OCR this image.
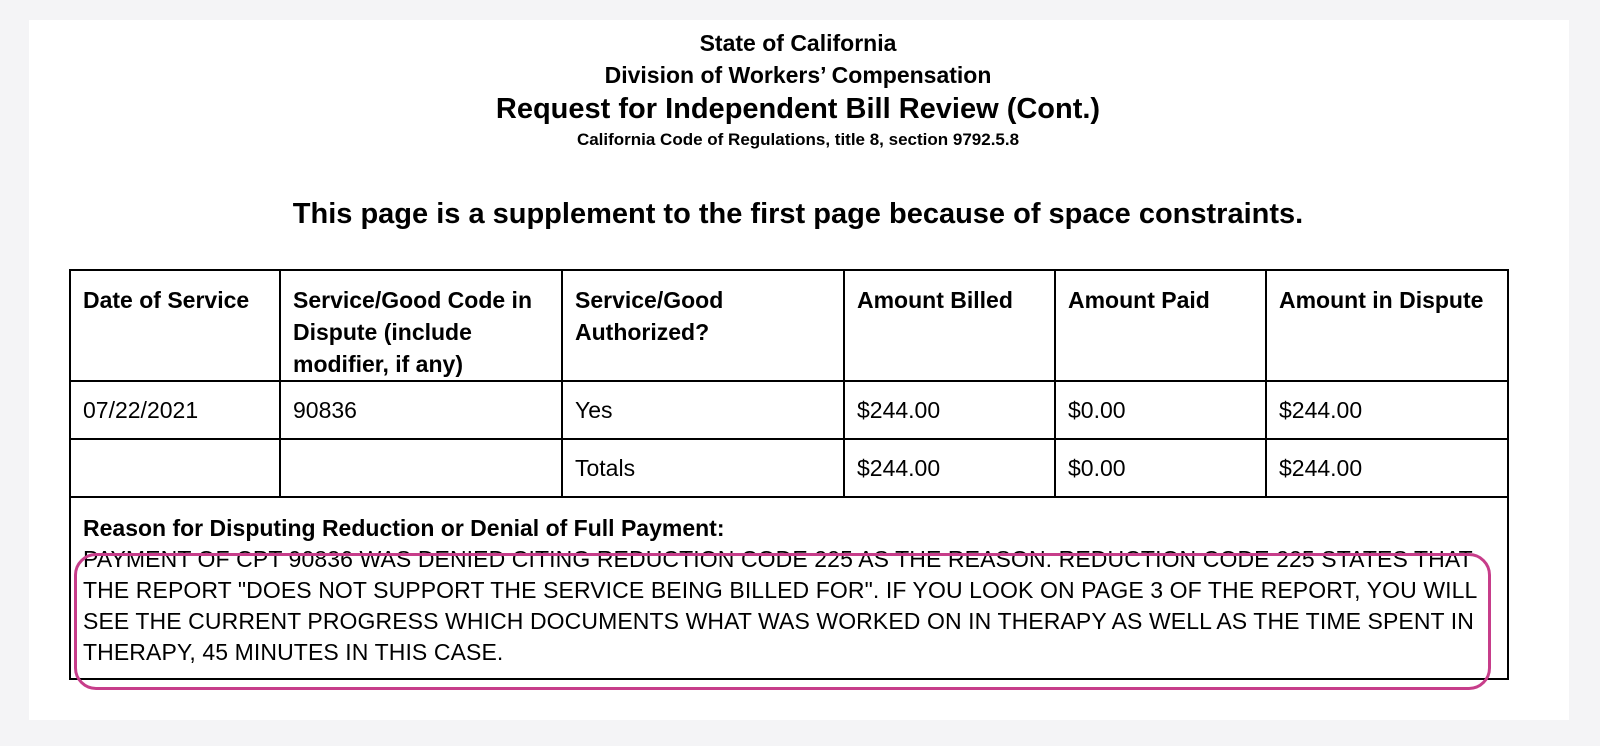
State of California
Division of Workers’ Compensation
Request for Independent Bill Review (Cont.)
California Code of Regulations, title 8, section 9792.5.8
This page is a supplement to the first page because of space constraints.
Date of Service	Service/Good Code in Dispute (include modifier, if any)	Service/Good Authorized?	Amount Billed	Amount Paid	Amount in Dispute
07/22/2021	90836	Yes	$244.00	$0.00	$244.00
		Totals	$244.00	$0.00	$244.00

Reason for Disputing Reduction or Denial of Full Payment:
PAYMENT OF CPT 90836 WAS DENIED CITING REDUCTION CODE 225 AS THE REASON. REDUCTION CODE 225 STATES THAT THE REPORT "DOES NOT SUPPORT THE SERVICE BEING BILLED FOR". IF YOU LOOK ON PAGE 3 OF THE REPORT, YOU WILL SEE THE CURRENT PROGRESS WHICH DOCUMENTS WHAT WAS WORKED ON IN THERAPY AS WELL AS THE TIME SPENT IN THERAPY, 45 MINUTES IN THIS CASE.					
